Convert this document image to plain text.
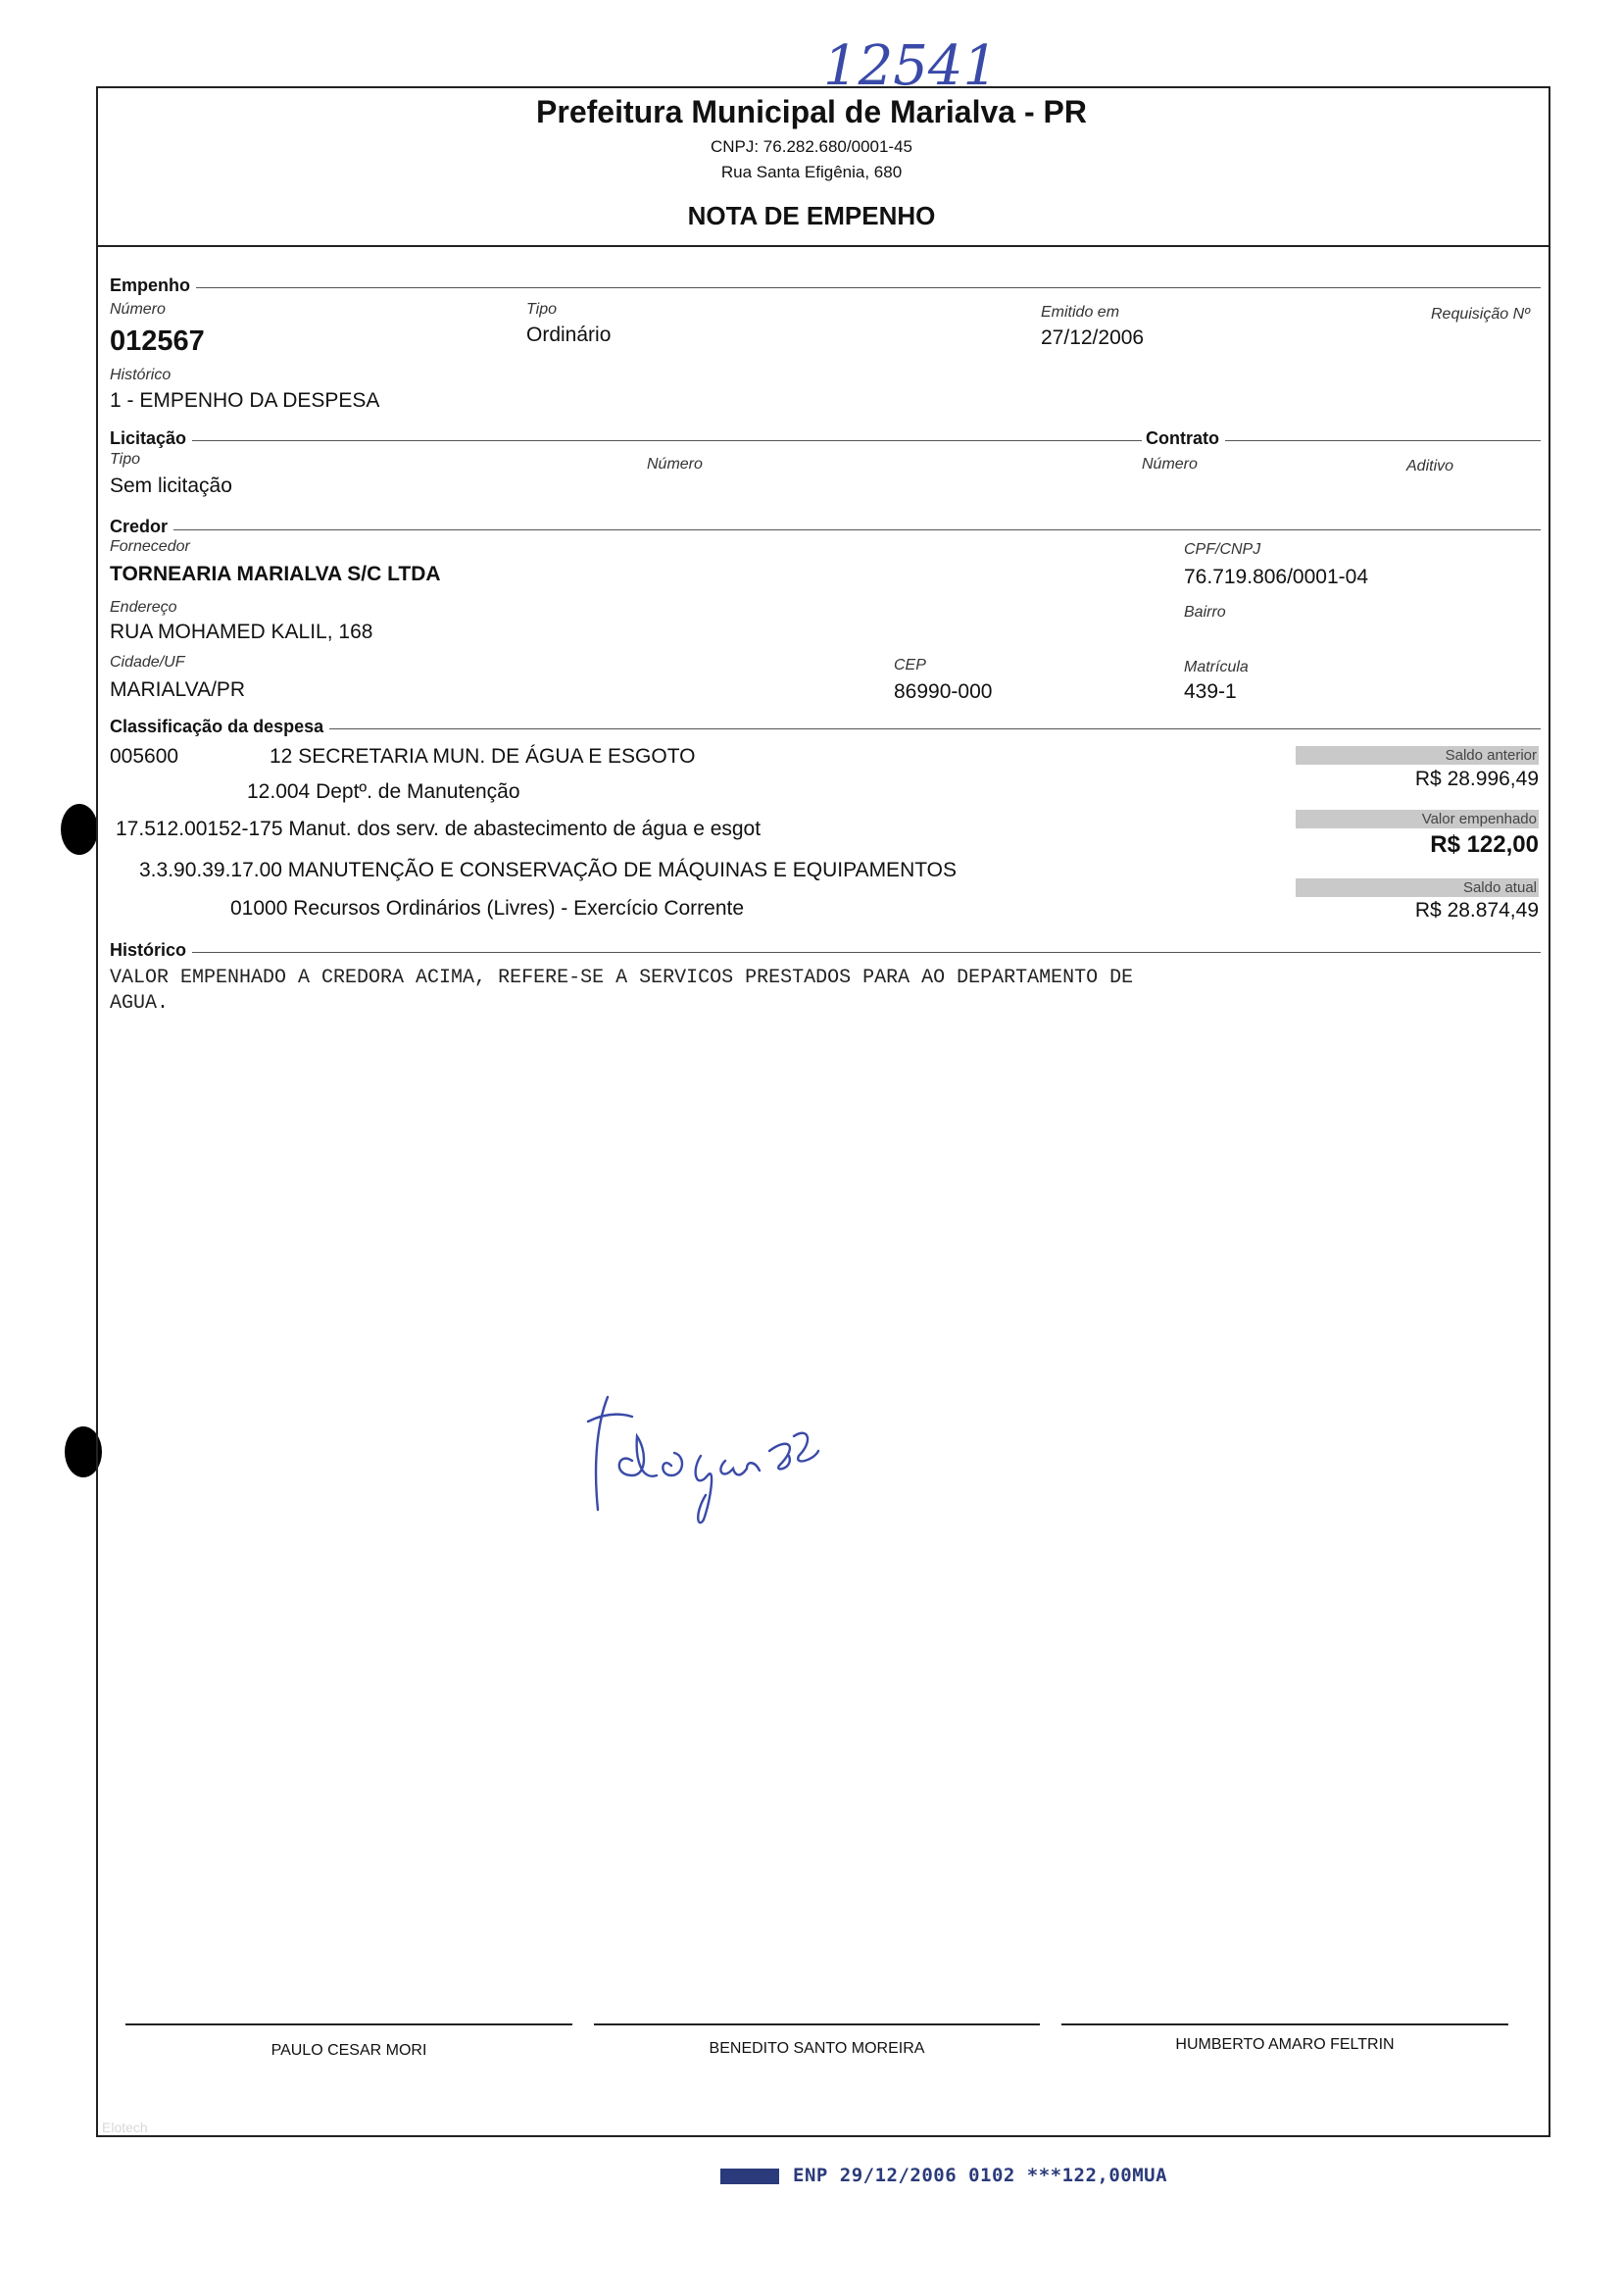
12541
Prefeitura Municipal de Marialva - PR
CNPJ: 76.282.680/0001-45
Rua Santa Efigênia, 680
NOTA DE EMPENHO
Empenho
Número
012567
Tipo
Ordinário
Emitido em
27/12/2006
Requisição Nº
Histórico
1 - EMPENHO DA DESPESA
Licitação	Contrato
Tipo
Sem licitação
Número	Número	Aditivo
Credor
Fornecedor
TORNEARIA MARIALVA S/C LTDA
CPF/CNPJ
76.719.806/0001-04
Endereço
RUA MOHAMED KALIL, 168
Bairro
Cidade/UF
MARIALVA/PR
CEP
86990-000
Matrícula
439-1
Classificação da despesa
005600	12 SECRETARIA MUN. DE ÁGUA E ESGOTO
12.004 Deptº. de Manutenção
17.512.00152-175 Manut. dos serv. de abastecimento de água e esgot
3.3.90.39.17.00 MANUTENÇÃO E CONSERVAÇÃO DE MÁQUINAS E EQUIPAMENTOS
01000 Recursos Ordinários (Livres) - Exercício Corrente
Saldo anterior
R$ 28.996,49
Valor empenhado
R$ 122,00
Saldo atual
R$ 28.874,49
Histórico
VALOR EMPENHADO A CREDORA ACIMA, REFERE-SE A SERVICOS PRESTADOS PARA AO DEPARTAMENTO DE
AGUA.
PAULO CESAR MORI	BENEDITO SANTO MOREIRA	HUMBERTO AMARO FELTRIN
Elotech
ENP 29/12/2006 0102 ***122,00MUA
